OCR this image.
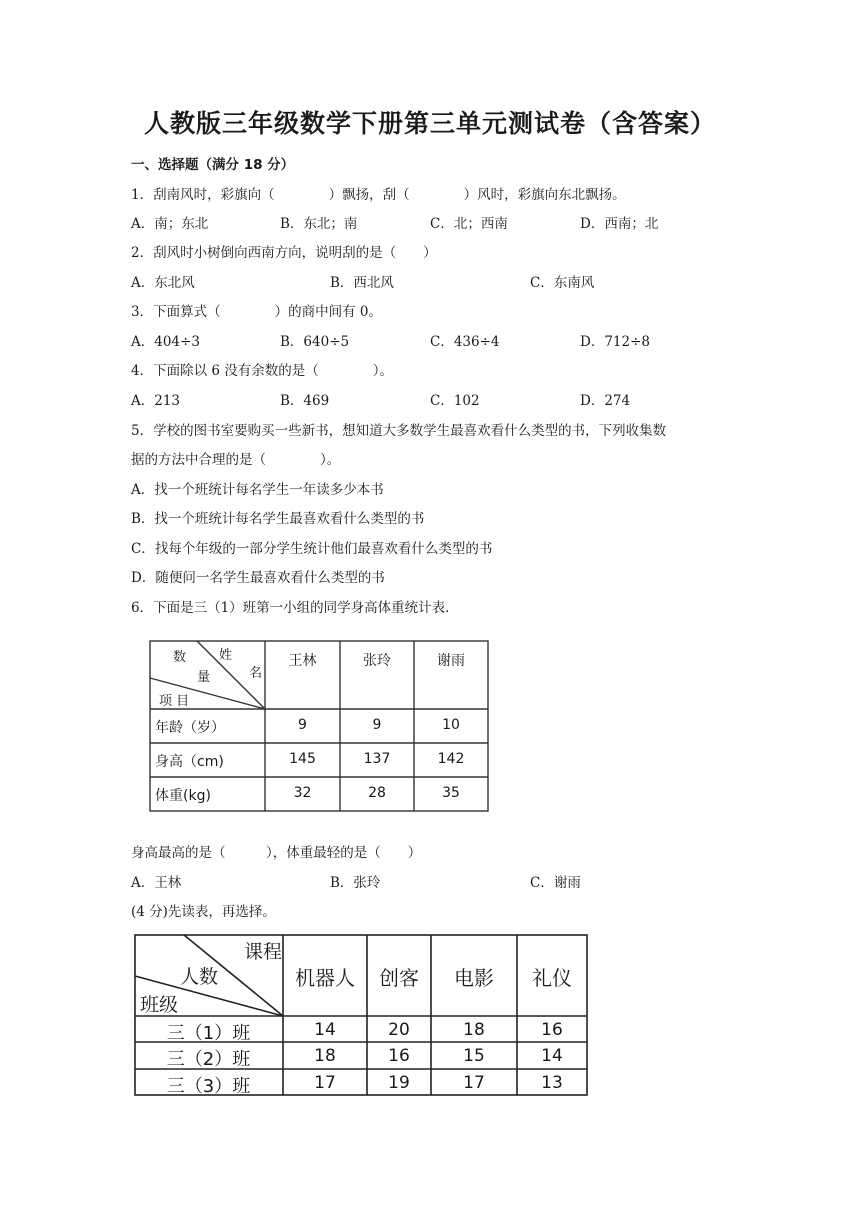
人教版三年级数学下册第三单元测试卷（含答案）
一、选择题（满分 18 分）
1．刮南风时，彩旗向（　　　　）飘扬，刮（　　　　）风时，彩旗向东北飘扬。
A．南；东北	B．东北；南	C．北；西南	D．西南；北
2．刮风时小树倒向西南方向，说明刮的是（　　）
A．东北风	B．西北风	C．东南风
3．下面算式（　　　　）的商中间有 0。
A．404÷3	B．640÷5	C．436÷4	D．712÷8
4．下面除以 6 没有余数的是（　　　　）。
A．213	B．469	C．102	D．274
5．学校的图书室要购买一些新书，想知道大多数学生最喜欢看什么类型的书，下列收集数
据的方法中合理的是（　　　　）。
A．找一个班统计每名学生一年读多少本书
B．找一个班统计每名学生最喜欢看什么类型的书
C．找每个年级的一部分学生统计他们最喜欢看什么类型的书
D．随便问一名学生最喜欢看什么类型的书
6．下面是三（1）班第一小组的同学身高体重统计表.
数	姓
名
量
项 目
王林	张玲	谢雨
年龄（岁）	9	9	10
身高（cm)	145	137	142
体重(kg)	32	28	35
身高最高的是（　　　），体重最轻的是（　　）
A．王林	B．张玲	C．谢雨
(4 分)先读表，再选择。
课程
人数
班级
机器人	创客	电影	礼仪
三（1）班	14	20	18	16
三（2）班	18	16	15	14
三（3）班	17	19	17	13
